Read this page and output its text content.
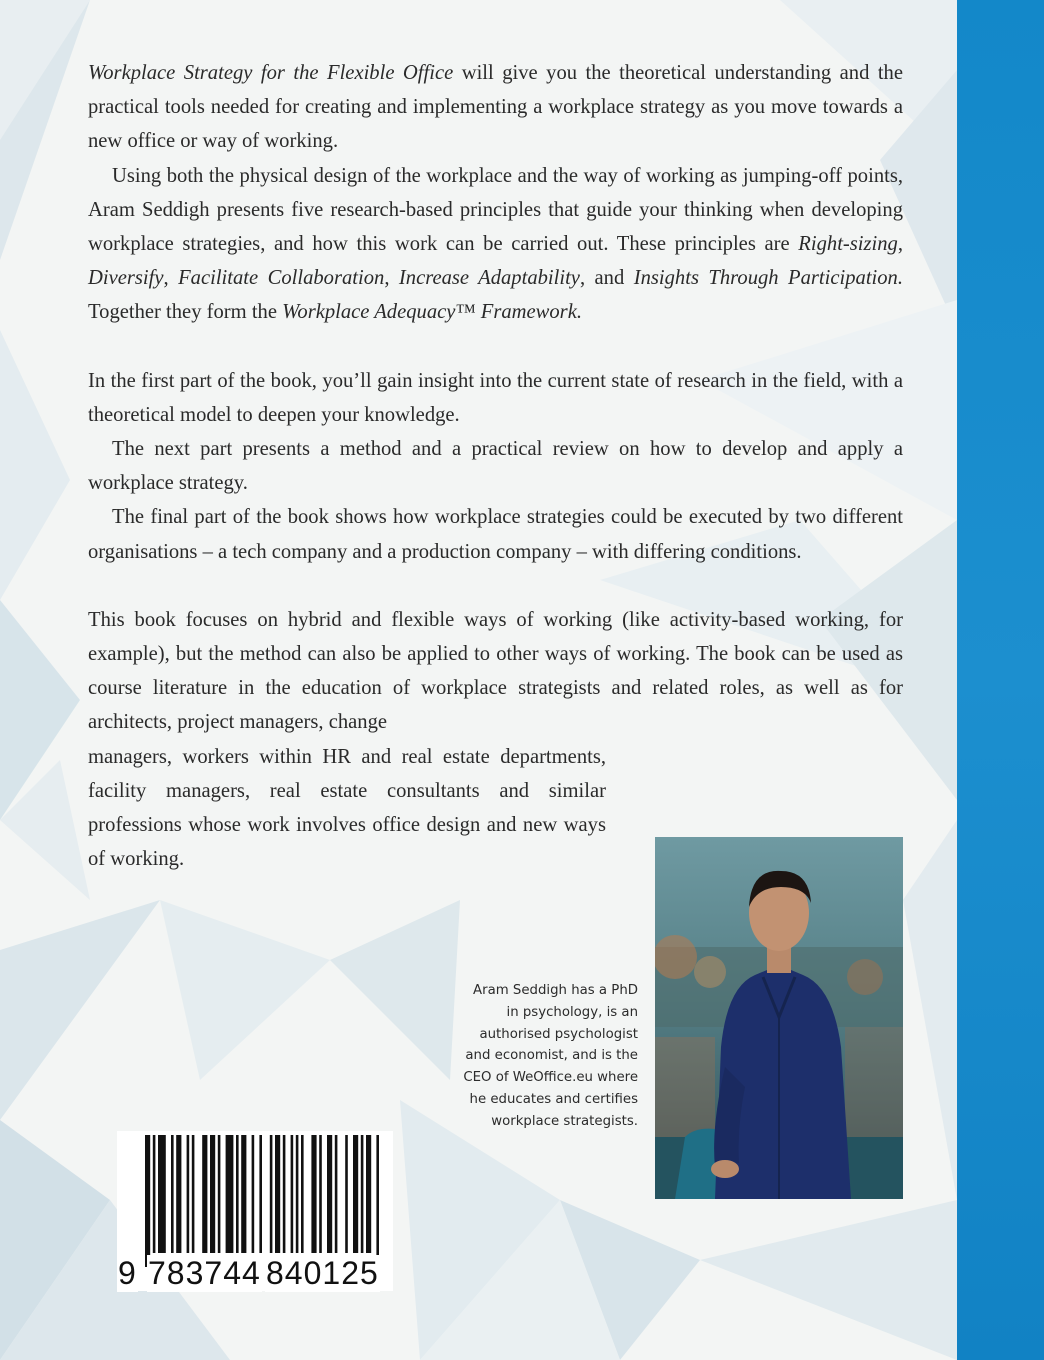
Workplace Strategy for the Flexible Office will give you the theoretical understanding and the practical tools needed for creating and implementing a workplace strategy as you move towards a new office or way of working.

Using both the physical design of the workplace and the way of working as jumping-off points, Aram Seddigh presents five research-based principles that guide your thinking when developing workplace strategies, and how this work can be carried out. These principles are Right-sizing, Diversify, Facilitate Collaboration, Increase Adaptability, and Insights Through Participation. Together they form the Workplace Adequacy™ Framework.

In the first part of the book, you’ll gain insight into the current state of research in the field, with a theoretical model to deepen your knowledge.

The next part presents a method and a practical review on how to develop and apply a workplace strategy.

The final part of the book shows how workplace strategies could be executed by two different organisations – a tech company and a production company – with differing conditions.

This book focuses on hybrid and flexible ways of working (like activity-based working, for example), but the method can also be applied to other ways of working. The book can be used as course literature in the education of workplace strategists and related roles, as well as for architects, project managers, change

managers, workers within HR and real estate departments, facility managers, real estate consultants and similar professions whose work involves office design and new ways of working.

Aram Seddigh has a PhD in psychology, is an authorised psychologist and economist, and is the CEO of WeOffice.eu where he educates and certifies workplace strategists.
9 783744 840125
